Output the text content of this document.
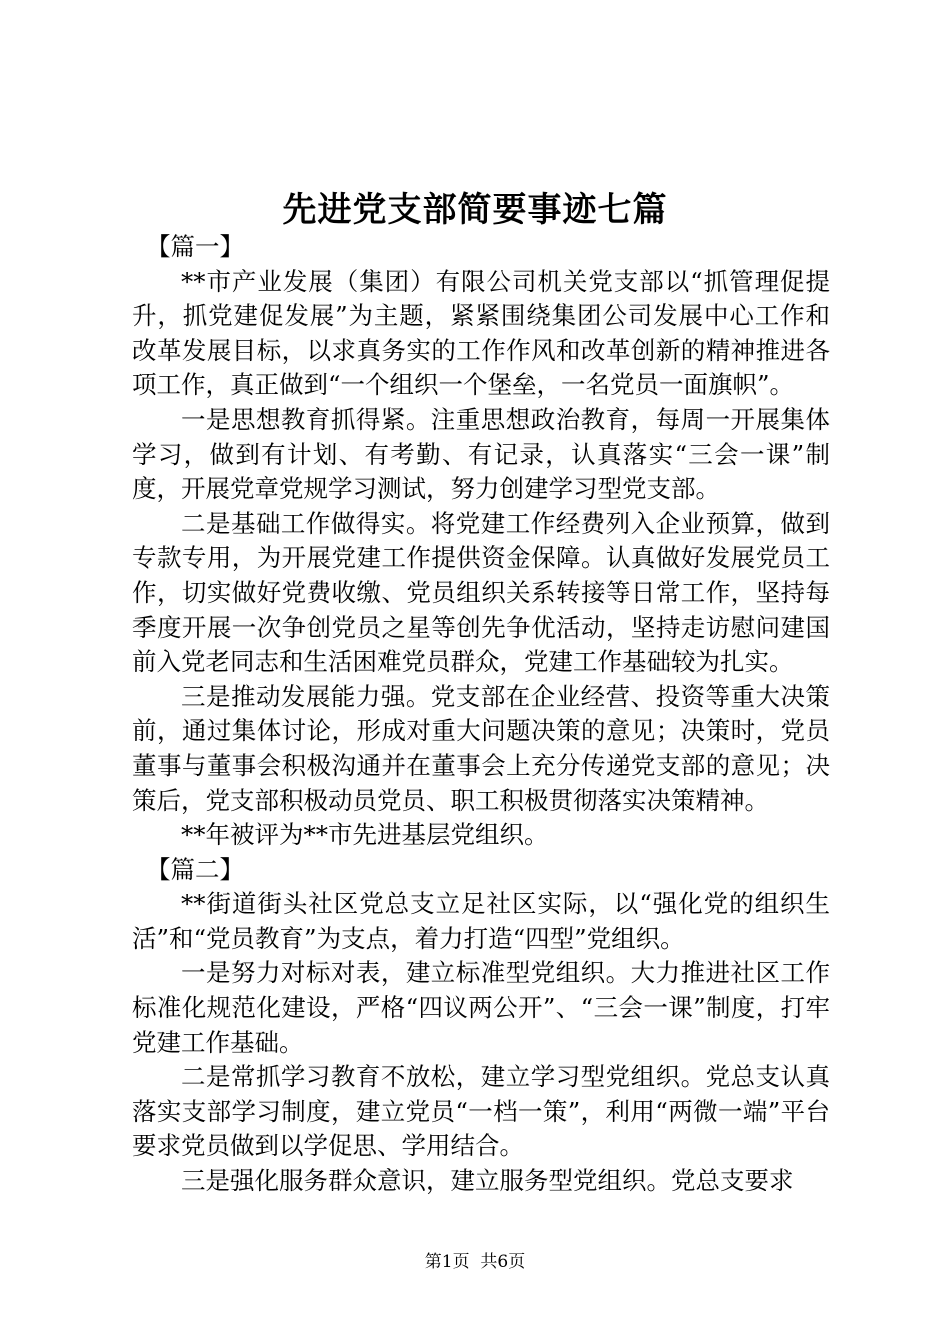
先进党支部简要事迹七篇

【篇一】

**市产业发展（集团）有限公司机关党支部以“抓管理促提升，抓党建促发展”为主题，紧紧围绕集团公司发展中心工作和改革发展目标，以求真务实的工作作风和改革创新的精神推进各项工作，真正做到“一个组织一个堡垒，一名党员一面旗帜”。

一是思想教育抓得紧。注重思想政治教育，每周一开展集体学习，做到有计划、有考勤、有记录，认真落实“三会一课”制度，开展党章党规学习测试，努力创建学习型党支部。

二是基础工作做得实。将党建工作经费列入企业预算，做到专款专用，为开展党建工作提供资金保障。认真做好发展党员工作，切实做好党费收缴、党员组织关系转接等日常工作，坚持每季度开展一次争创党员之星等创先争优活动，坚持走访慰问建国前入党老同志和生活困难党员群众，党建工作基础较为扎实。

三是推动发展能力强。党支部在企业经营、投资等重大决策前，通过集体讨论，形成对重大问题决策的意见；决策时，党员董事与董事会积极沟通并在董事会上充分传递党支部的意见；决策后，党支部积极动员党员、职工积极贯彻落实决策精神。

**年被评为**市先进基层党组织。

【篇二】

**街道街头社区党总支立足社区实际，以“强化党的组织生活”和“党员教育”为支点，着力打造“四型”党组织。

一是努力对标对表，建立标准型党组织。大力推进社区工作标准化规范化建设，严格“四议两公开”、“三会一课”制度，打牢党建工作基础。

二是常抓学习教育不放松，建立学习型党组织。党总支认真落实支部学习制度，建立党员“一档一策”，利用“两微一端”平台要求党员做到以学促思、学用结合。

三是强化服务群众意识，建立服务型党组织。党总支要求

第1页 共6页
